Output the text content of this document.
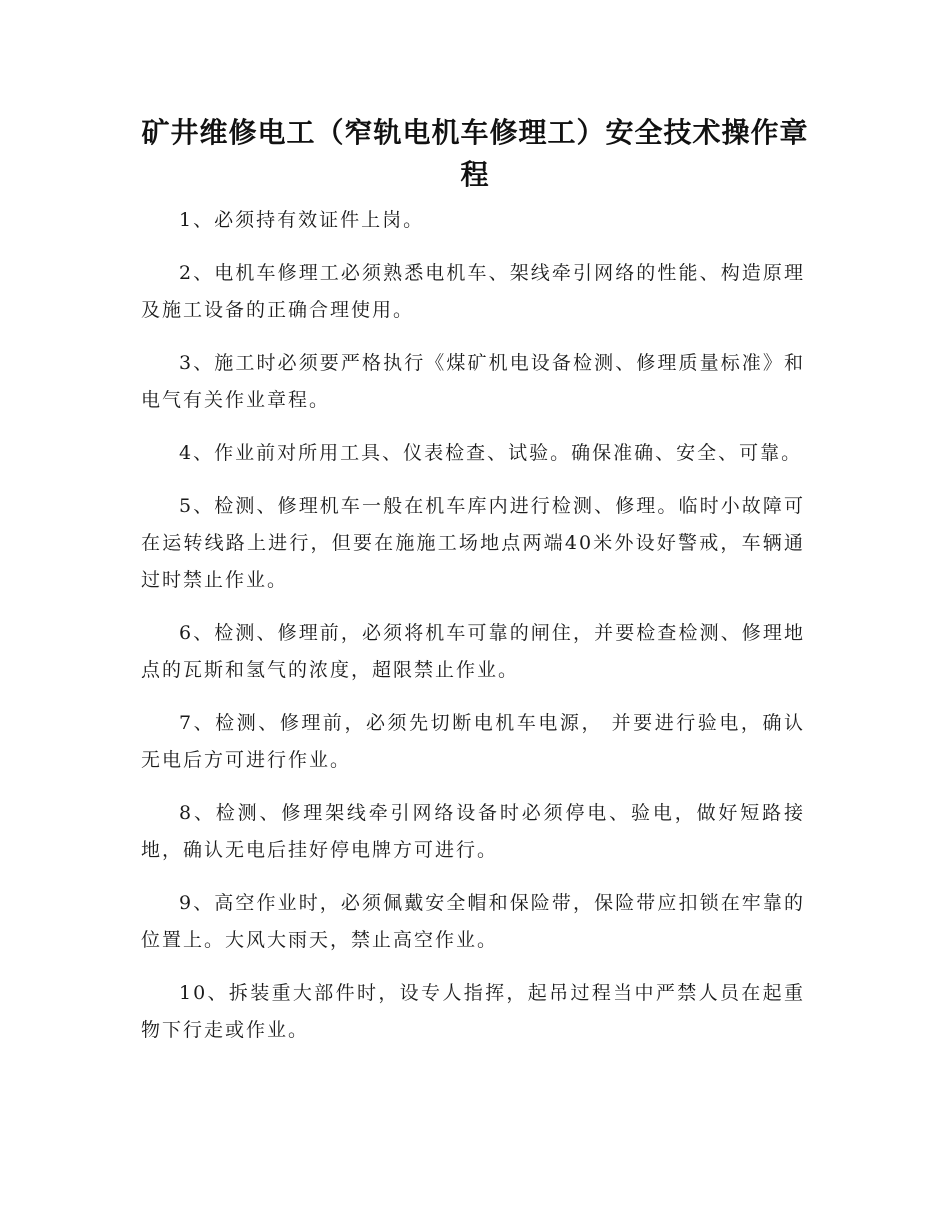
矿井维修电工（窄轨电机车修理工）安全技术操作章程

1、必须持有效证件上岗。

2、电机车修理工必须熟悉电机车、架线牵引网络的性能、构造原理及施工设备的正确合理使用。

3、施工时必须要严格执行《煤矿机电设备检测、修理质量标准》和电气有关作业章程。

4、作业前对所用工具、仪表检查、试验。确保准确、安全、可靠。

5、检测、修理机车一般在机车库内进行检测、修理。临时小故障可在运转线路上进行，但要在施施工场地点两端40米外设好警戒，车辆通过时禁止作业。

6、检测、修理前，必须将机车可靠的闸住，并要检查检测、修理地点的瓦斯和氢气的浓度，超限禁止作业。

7、检测、修理前，必须先切断电机车电源， 并要进行验电，确认无电后方可进行作业。

8、检测、修理架线牵引网络设备时必须停电、验电，做好短路接地，确认无电后挂好停电牌方可进行。

9、高空作业时，必须佩戴安全帽和保险带，保险带应扣锁在牢靠的位置上。大风大雨天，禁止高空作业。

10、拆装重大部件时，设专人指挥，起吊过程当中严禁人员在起重物下行走或作业。
